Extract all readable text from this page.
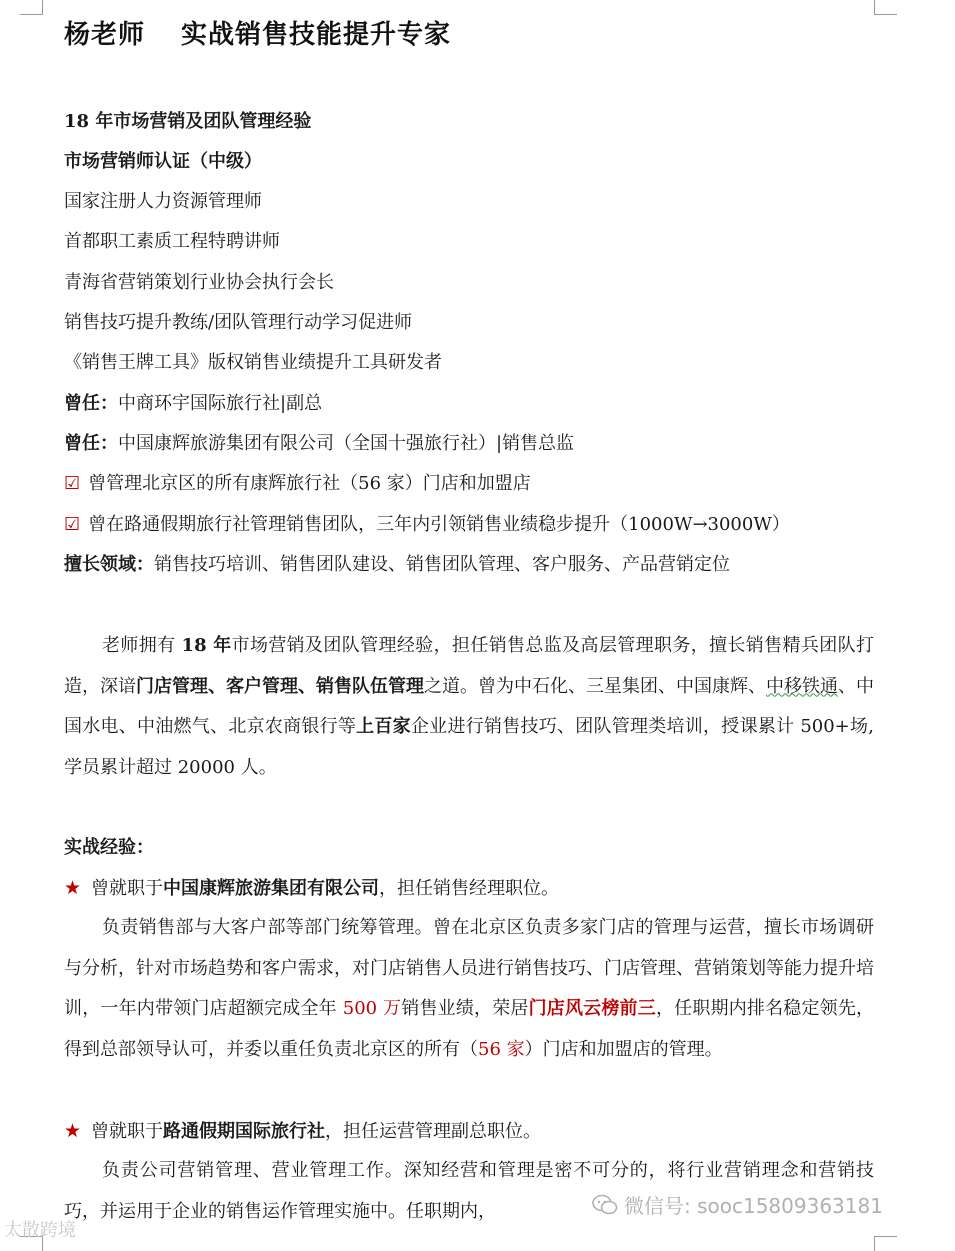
杨老师 实战销售技能提升专家
18 年市场营销及团队管理经验
市场营销师认证（中级）
国家注册人力资源管理师
首都职工素质工程特聘讲师
青海省营销策划行业协会执行会长
销售技巧提升教练/团队管理行动学习促进师
《销售王牌工具》版权销售业绩提升工具研发者
曾任：中商环宇国际旅行社|副总
曾任：中国康辉旅游集团有限公司（全国十强旅行社）|销售总监
☑ 曾管理北京区的所有康辉旅行社（56 家）门店和加盟店
☑ 曾在路通假期旅行社管理销售团队，三年内引领销售业绩稳步提升（1000W→3000W）
擅长领域：销售技巧培训、销售团队建设、销售团队管理、客户服务、产品营销定位
老师拥有 18 年市场营销及团队管理经验，担任销售总监及高层管理职务，擅长销售精兵团队打造，深谙门店管理、客户管理、销售队伍管理之道。曾为中石化、三星集团、中国康辉、中移铁通、中国水电、中油燃气、北京农商银行等上百家企业进行销售技巧、团队管理类培训，授课累计 500+场, 学员累计超过 20000 人。
实战经验：
★ 曾就职于中国康辉旅游集团有限公司，担任销售经理职位。
负责销售部与大客户部等部门统筹管理。曾在北京区负责多家门店的管理与运营，擅长市场调研与分析，针对市场趋势和客户需求，对门店销售人员进行销售技巧、门店管理、营销策划等能力提升培训，一年内带领门店超额完成全年 500 万销售业绩，荣居门店风云榜前三，任职期内排名稳定领先，得到总部领导认可，并委以重任负责北京区的所有（56 家）门店和加盟店的管理。
★ 曾就职于路通假期国际旅行社，担任运营管理副总职位。
负责公司营销管理、营业管理工作。深知经营和管理是密不可分的，将行业营销理念和营销技巧，并运用于企业的销售运作管理实施中。任职期内，
太散跨境
微信号: sooc15809363181
